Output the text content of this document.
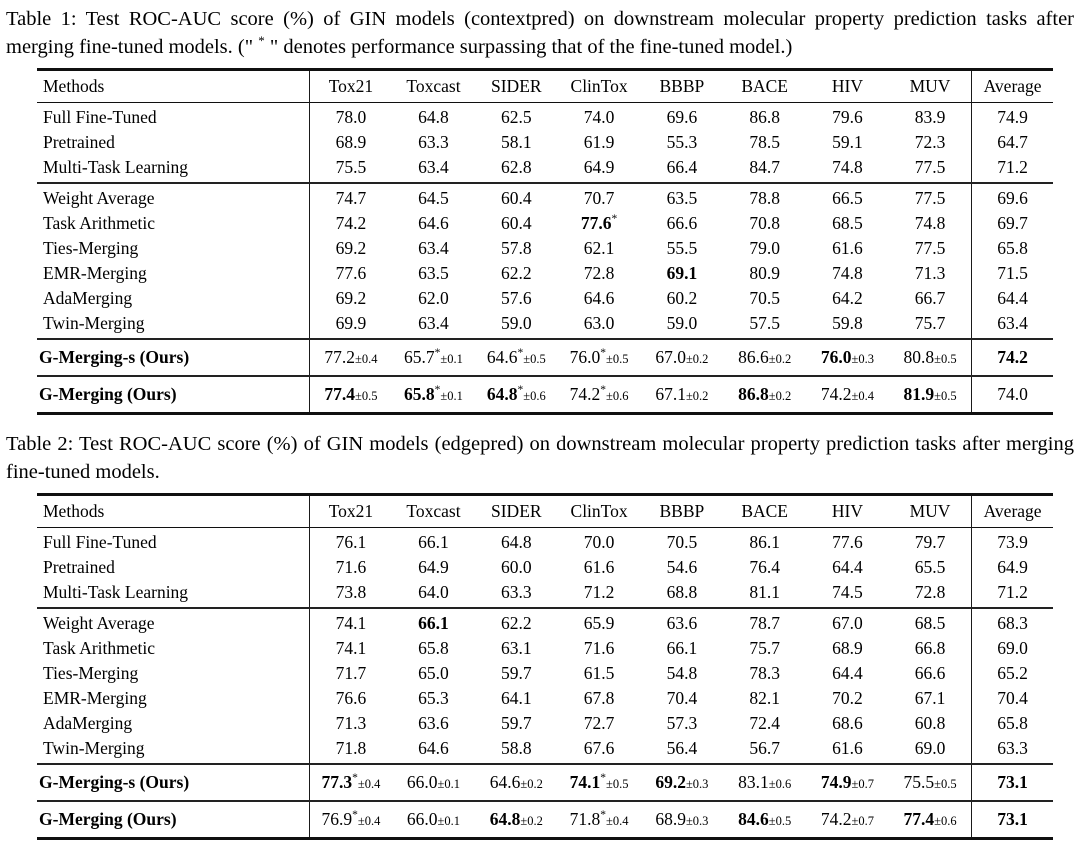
Table 1: Test ROC-AUC score (%) of GIN models (contextpred) on downstream molecular property prediction tasks after merging fine-tuned models. (" * " denotes performance surpassing that of the fine-tuned model.)

Methods	Tox21	Toxcast	SIDER	ClinTox	BBBP	BACE	HIV	MUV	Average
Full Fine-Tuned	78.0	64.8	62.5	74.0	69.6	86.8	79.6	83.9	74.9
Pretrained	68.9	63.3	58.1	61.9	55.3	78.5	59.1	72.3	64.7
Multi-Task Learning	75.5	63.4	62.8	64.9	66.4	84.7	74.8	77.5	71.2
Weight Average	74.7	64.5	60.4	70.7	63.5	78.8	66.5	77.5	69.6
Task Arithmetic	74.2	64.6	60.4	77.6*	66.6	70.8	68.5	74.8	69.7
Ties-Merging	69.2	63.4	57.8	62.1	55.5	79.0	61.6	77.5	65.8
EMR-Merging	77.6	63.5	62.2	72.8	69.1	80.9	74.8	71.3	71.5
AdaMerging	69.2	62.0	57.6	64.6	60.2	70.5	64.2	66.7	64.4
Twin-Merging	69.9	63.4	59.0	63.0	59.0	57.5	59.8	75.7	63.4
G-Merging-s (Ours)	77.2±0.4	65.7*±0.1	64.6*±0.5	76.0*±0.5	67.0±0.2	86.6±0.2	76.0±0.3	80.8±0.5	74.2
G-Merging (Ours)	77.4±0.5	65.8*±0.1	64.8*±0.6	74.2*±0.6	67.1±0.2	86.8±0.2	74.2±0.4	81.9±0.5	74.0

Table 2: Test ROC-AUC score (%) of GIN models (edgepred) on downstream molecular property prediction tasks after merging fine-tuned models.

Methods	Tox21	Toxcast	SIDER	ClinTox	BBBP	BACE	HIV	MUV	Average
Full Fine-Tuned	76.1	66.1	64.8	70.0	70.5	86.1	77.6	79.7	73.9
Pretrained	71.6	64.9	60.0	61.6	54.6	76.4	64.4	65.5	64.9
Multi-Task Learning	73.8	64.0	63.3	71.2	68.8	81.1	74.5	72.8	71.2
Weight Average	74.1	66.1	62.2	65.9	63.6	78.7	67.0	68.5	68.3
Task Arithmetic	74.1	65.8	63.1	71.6	66.1	75.7	68.9	66.8	69.0
Ties-Merging	71.7	65.0	59.7	61.5	54.8	78.3	64.4	66.6	65.2
EMR-Merging	76.6	65.3	64.1	67.8	70.4	82.1	70.2	67.1	70.4
AdaMerging	71.3	63.6	59.7	72.7	57.3	72.4	68.6	60.8	65.8
Twin-Merging	71.8	64.6	58.8	67.6	56.4	56.7	61.6	69.0	63.3
G-Merging-s (Ours)	77.3*±0.4	66.0±0.1	64.6±0.2	74.1*±0.5	69.2±0.3	83.1±0.6	74.9±0.7	75.5±0.5	73.1
G-Merging (Ours)	76.9*±0.4	66.0±0.1	64.8±0.2	71.8*±0.4	68.9±0.3	84.6±0.5	74.2±0.7	77.4±0.6	73.1
